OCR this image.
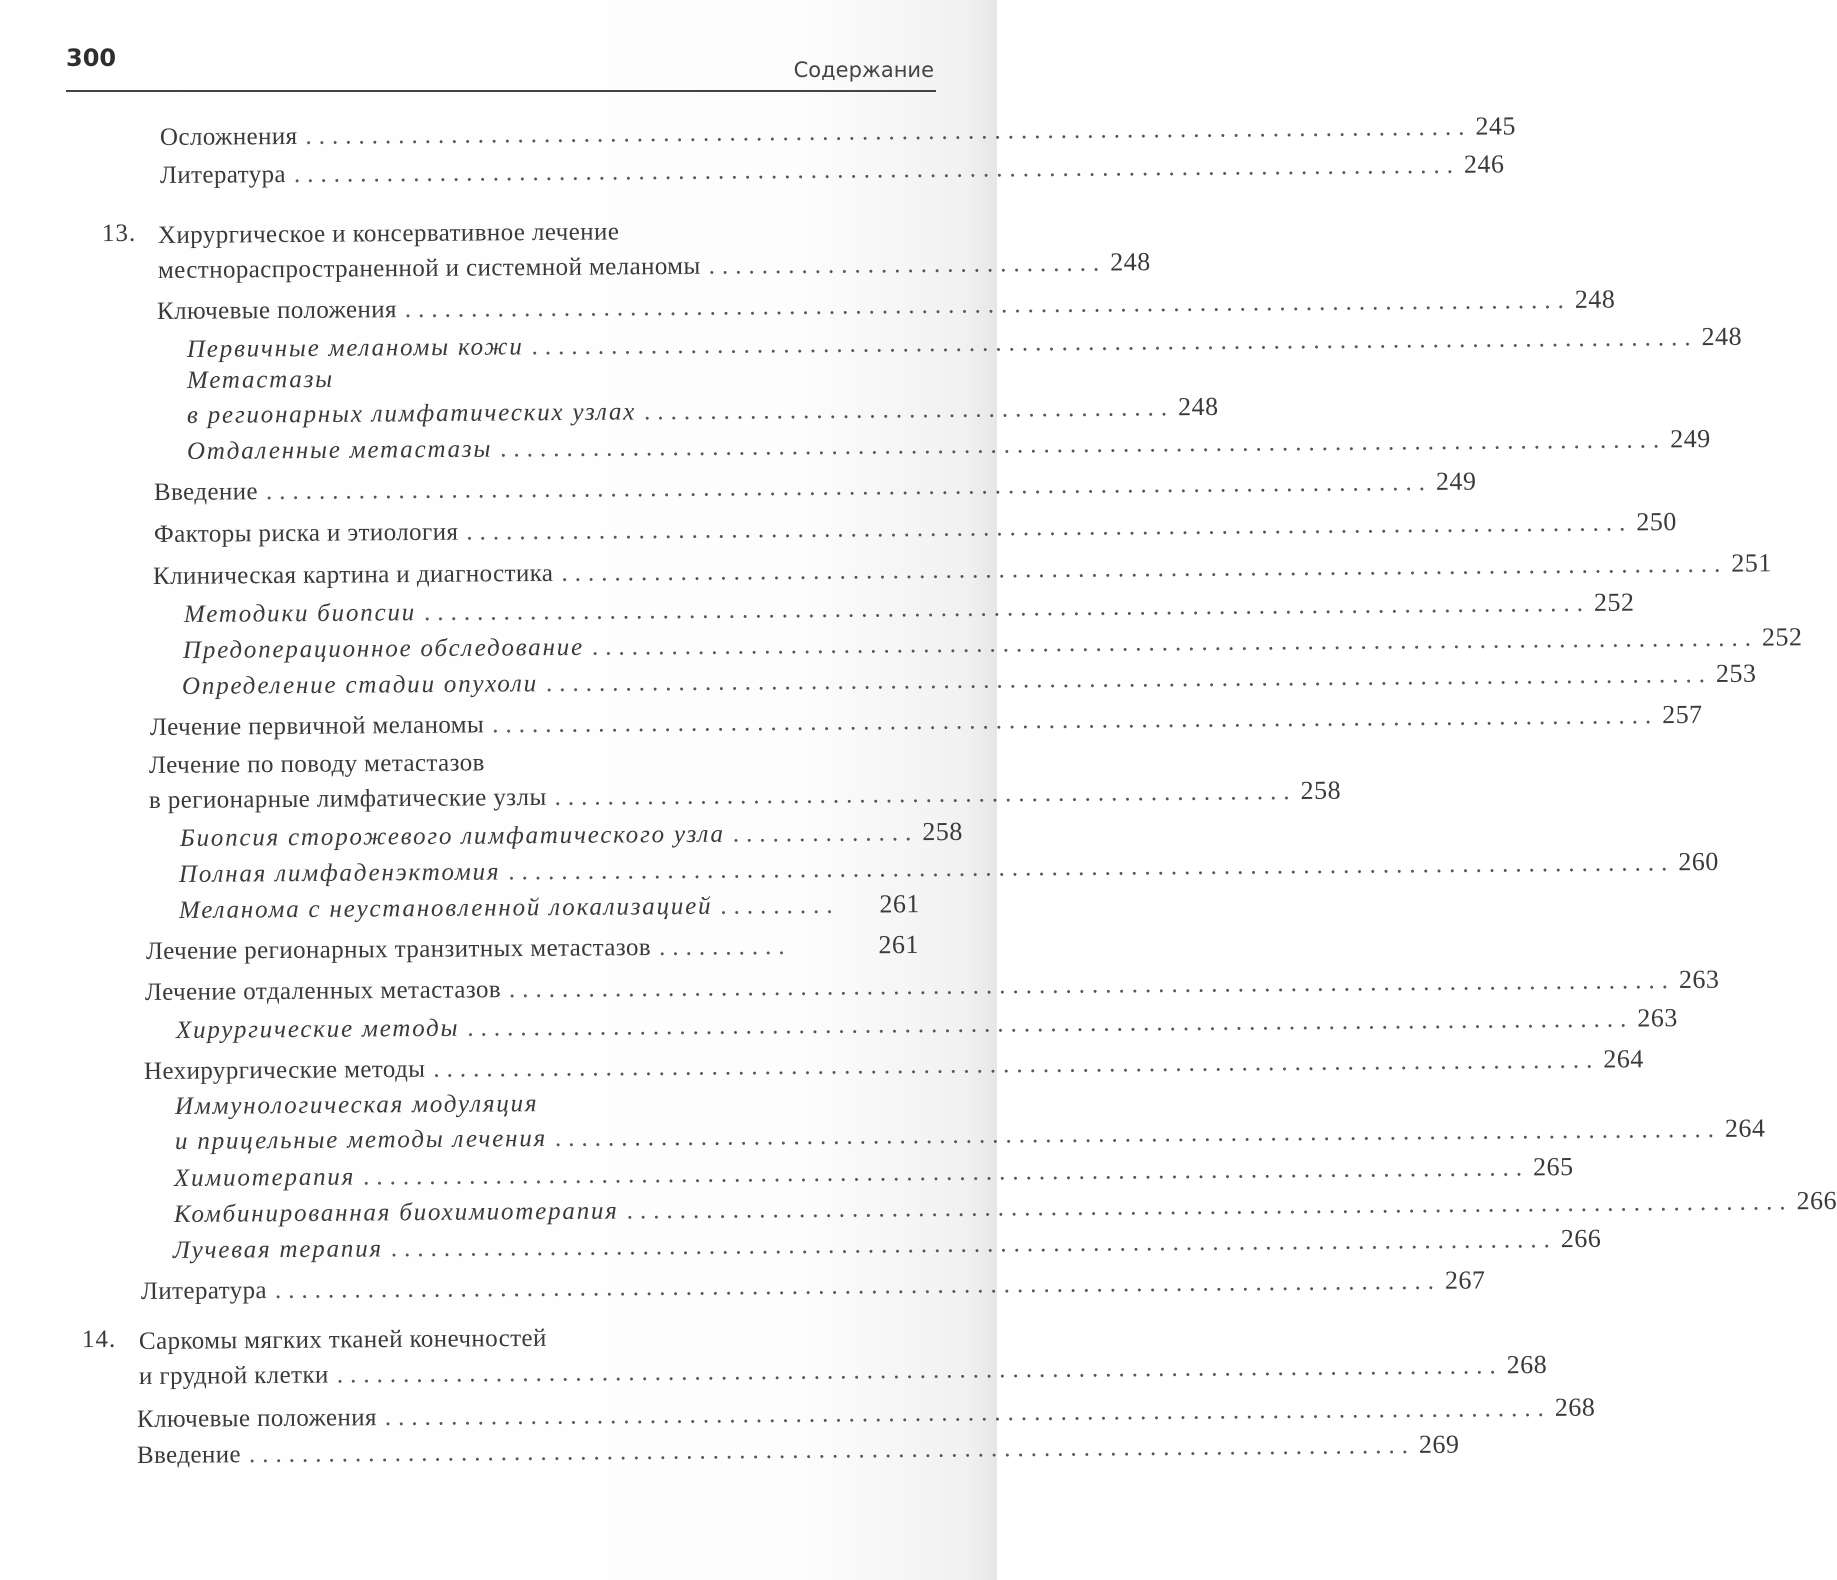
300	Содержание
Осложнения ........................................................................................ 245
Литература ........................................................................................ 246
13. Хирургическое и консервативное лечение
местнораспространенной и системной меланомы .............................. 248
Ключевые положения ........................................................................................ 248
Первичные меланомы кожи ........................................................................................ 248
Метастазы
в регионарных лимфатических узлах ........................................ 248
Отдаленные метастазы ........................................................................................ 249
Введение ........................................................................................ 249
Факторы риска и этиология ........................................................................................ 250
Клиническая картина и диагностика ........................................................................................ 251
Методики биопсии ........................................................................................ 252
Предоперационное обследование ........................................................................................ 252
Определение стадии опухоли ........................................................................................ 253
Лечение первичной меланомы ........................................................................................ 257
Лечение по поводу метастазов
в регионарные лимфатические узлы ........................................................ 258
Биопсия сторожевого лимфатического узла .............. 258
Полная лимфаденэктомия ........................................................................................ 260
Меланома с неустановленной локализацией .........	261
Лечение регионарных транзитных метастазов ..........	261
Лечение отдаленных метастазов ........................................................................................ 263
Хирургические методы ........................................................................................ 263
Нехирургические методы ........................................................................................ 264
Иммунологическая модуляция
и прицельные методы лечения ........................................................................................ 264
Химиотерапия ........................................................................................ 265
Комбинированная биохимиотерапия ........................................................................................ 266
Лучевая терапия ........................................................................................ 266
Литература ........................................................................................ 267
14. Саркомы мягких тканей конечностей
и грудной клетки ........................................................................................ 268
Ключевые положения ........................................................................................ 268
Введение ........................................................................................ 269
